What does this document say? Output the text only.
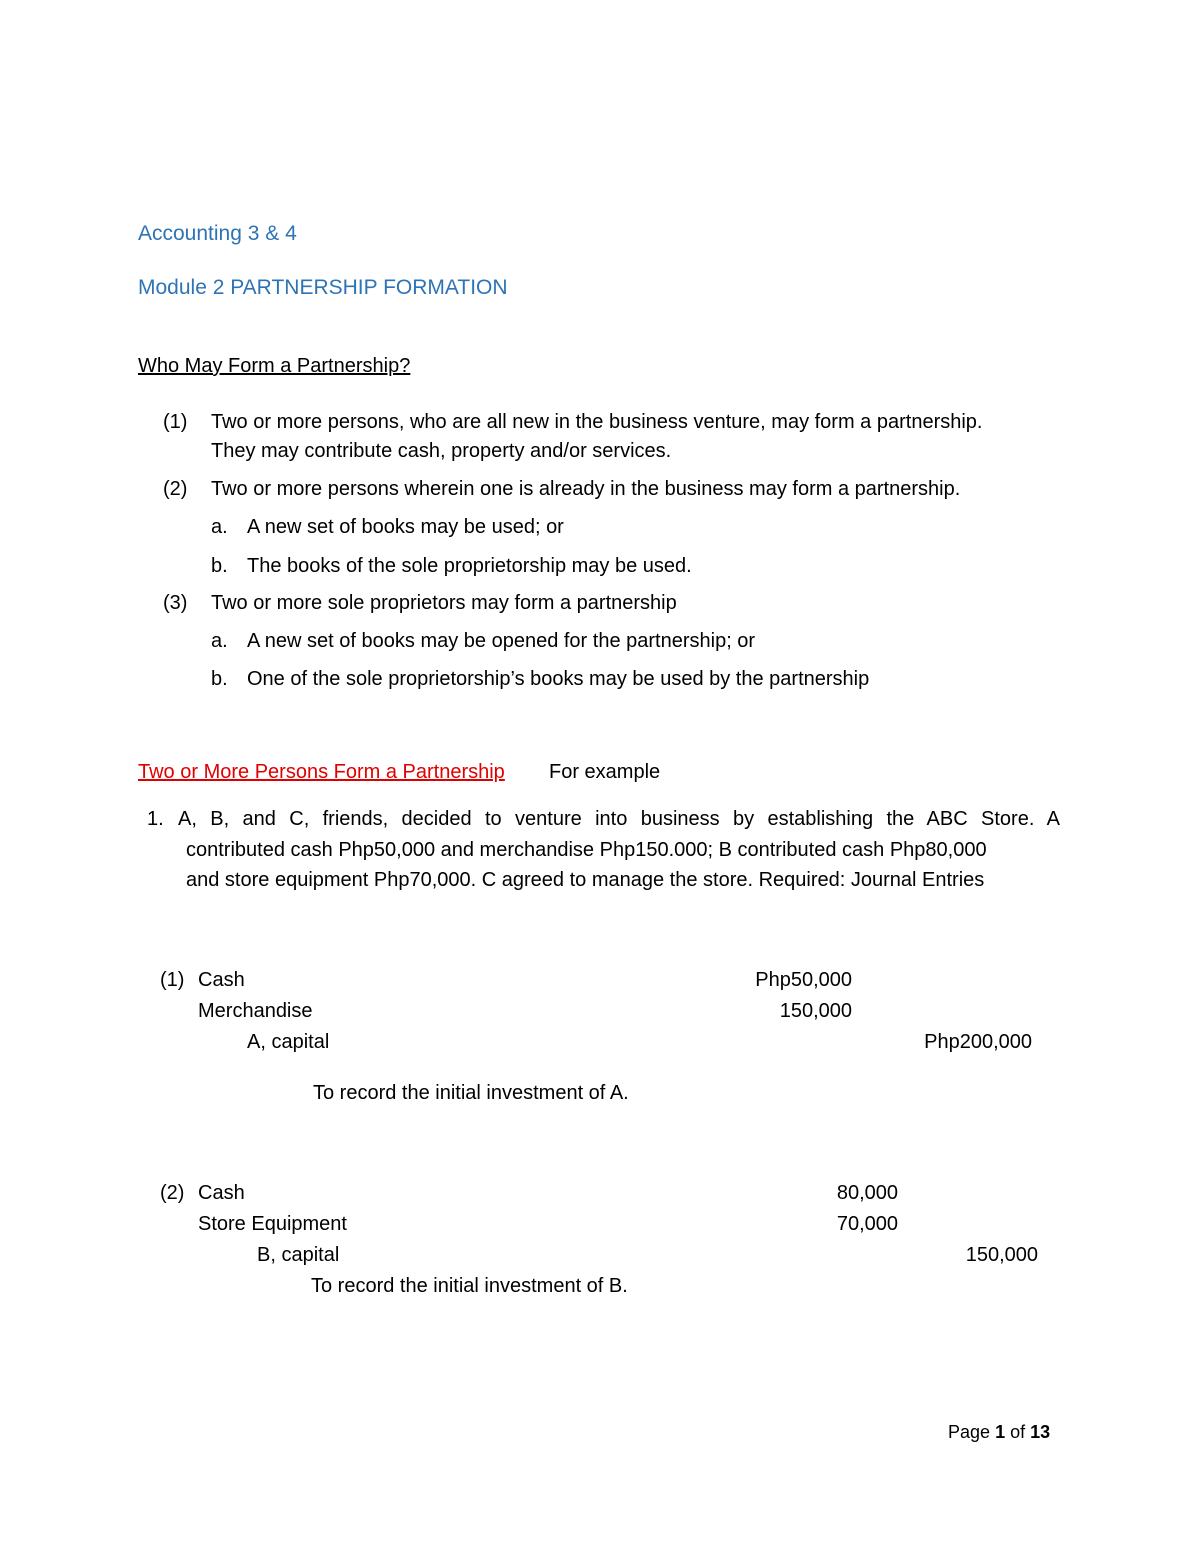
Accounting 3 & 4
Module 2 PARTNERSHIP FORMATION
Who May Form a Partnership?
(1) Two or more persons, who are all new in the business venture, may form a partnership.
They may contribute cash, property and/or services.
(2) Two or more persons wherein one is already in the business may form a partnership.
a. A new set of books may be used; or
b. The books of the sole proprietorship may be used.
(3) Two or more sole proprietors may form a partnership
a. A new set of books may be opened for the partnership; or
b. One of the sole proprietorship’s books may be used by the partnership
Two or More Persons Form a Partnership For example
1. A, B, and C, friends, decided to venture into business by establishing the ABC Store. A
contributed cash Php50,000 and merchandise Php150.000; B contributed cash Php80,000
and store equipment Php70,000. C agreed to manage the store. Required: Journal Entries
(1) Cash	Php50,000
Merchandise	150,000
A, capital	Php200,000
To record the initial investment of A.
(2) Cash	80,000
Store Equipment	70,000
B, capital	150,000
To record the initial investment of B.
Page 1 of 13
